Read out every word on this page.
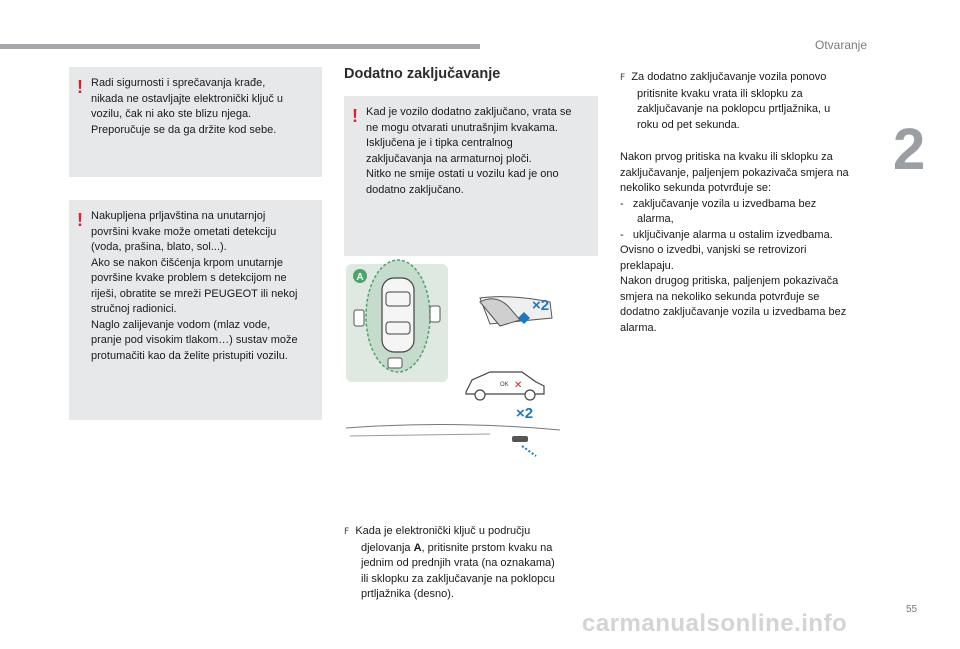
Otvaranje
2
55
! Radi sigurnosti i sprečavanja krađe,
nikada ne ostavljajte elektronički ključ u
vozilu, čak ni ako ste blizu njega.
Preporučuje se da ga držite kod sebe.
! Nakupljena prljavština na unutarnjoj
površini kvake može ometati detekciju
(voda, prašina, blato, sol...).
Ako se nakon čišćenja krpom unutarnje
površine kvake problem s detekcijom ne
riješi, obratite se mreži PEUGEOT ili nekoj
stručnoj radionici.
Naglo zalijevanje vodom (mlaz vode,
pranje pod visokim tlakom…) sustav može
protumačiti kao da želite pristupiti vozilu.
Dodatno zaključavanje
! Kad je vozilo dodatno zaključano, vrata se
ne mogu otvarati unutrašnjim kvakama.
Isključena je i tipka centralnog
zaključavanja na armaturnoj ploči.
Nitko ne smije ostati u vozilu kad je ono
dodatno zaključano.
A
×2
OK ✕
×2
F Kada je elektronički ključ u području
djelovanja A, pritisnite prstom kvaku na
jednim od prednjih vrata (na oznakama)
ili sklopku za zaključavanje na poklopcu
prtljažnika (desno).
F Za dodatno zaključavanje vozila ponovo
pritisnite kvaku vrata ili sklopku za
zaključavanje na poklopcu prtljažnika, u
roku od pet sekunda.
Nakon prvog pritiska na kvaku ili sklopku za
zaključavanje, paljenjem pokazivača smjera na
nekoliko sekunda potvrđuje se:
-   zaključavanje vozila u izvedbama bez
alarma,
-   uključivanje alarma u ostalim izvedbama.
Ovisno o izvedbi, vanjski se retrovizori
preklapaju.
Nakon drugog pritiska, paljenjem pokazivača
smjera na nekoliko sekunda potvrđuje se
dodatno zaključavanje vozila u izvedbama bez
alarma.
carmanualsonline.info
